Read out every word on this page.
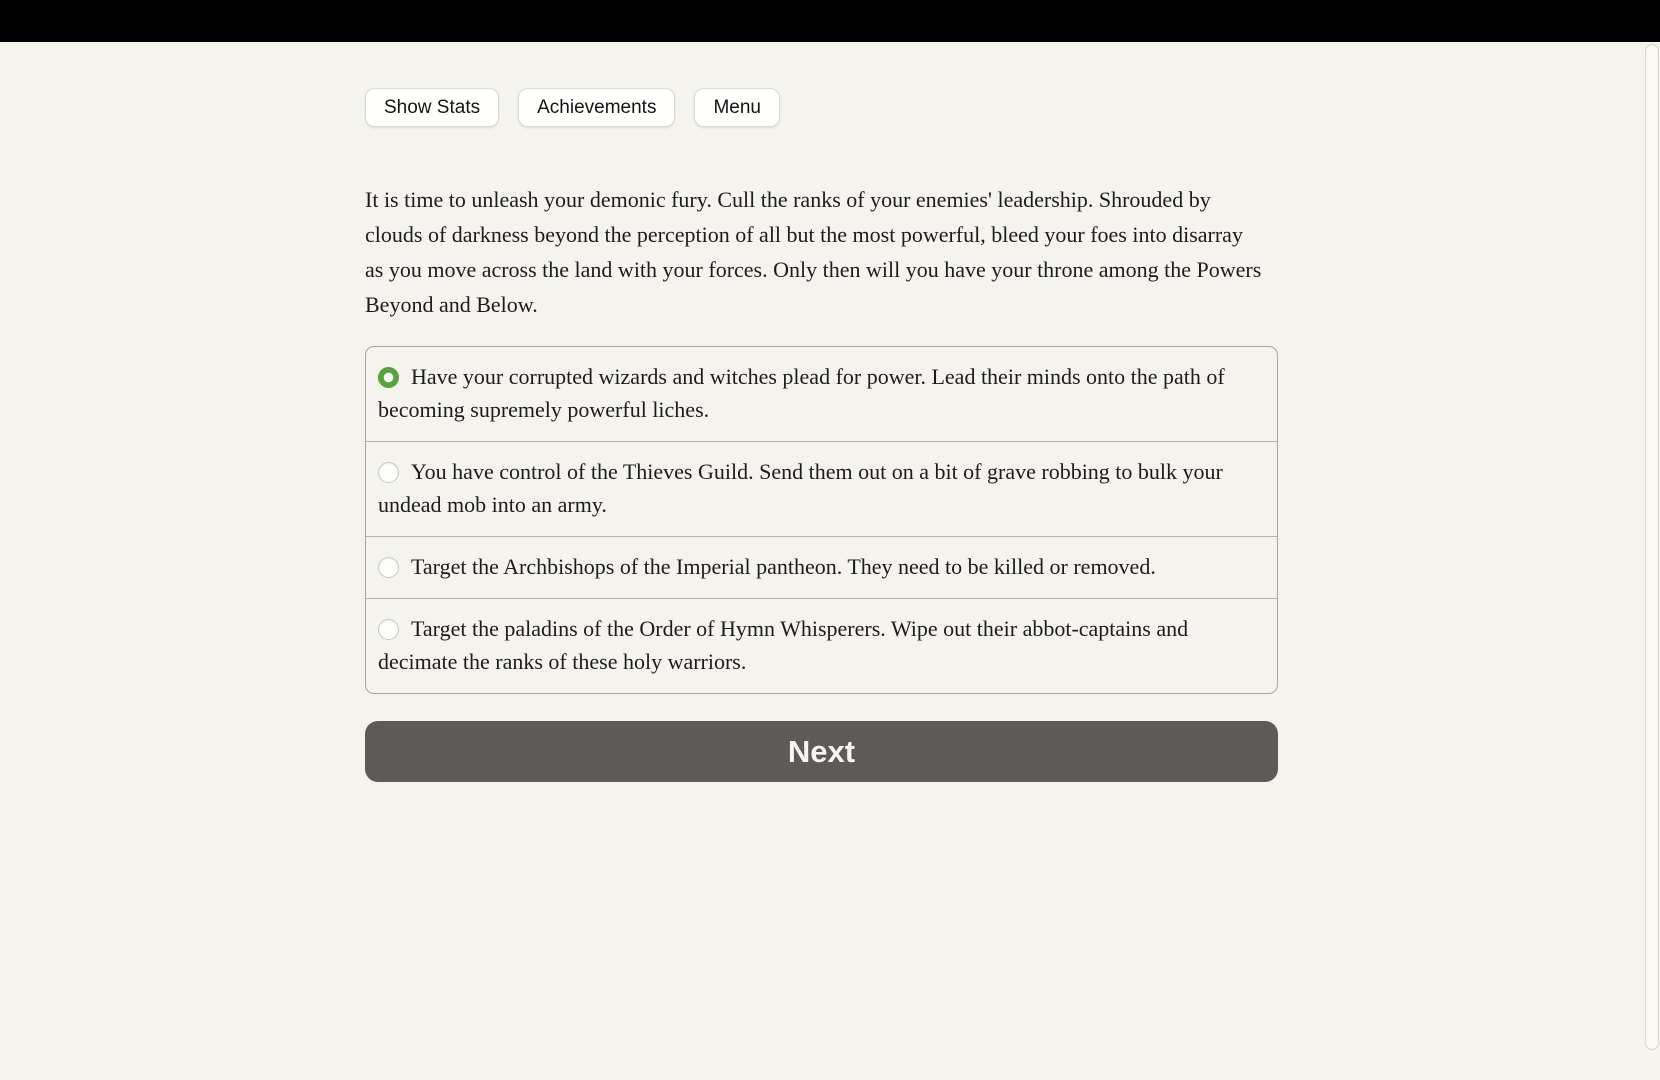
Show Stats	Achievements	Menu
It is time to unleash your demonic fury. Cull the ranks of your enemies' leadership. Shrouded by clouds of darkness beyond the perception of all but the most powerful, bleed your foes into disarray as you move across the land with your forces. Only then will you have your throne among the Powers Beyond and Below.
Have your corrupted wizards and witches plead for power. Lead their minds onto the path of becoming supremely powerful liches.
You have control of the Thieves Guild. Send them out on a bit of grave robbing to bulk your undead mob into an army.
Target the Archbishops of the Imperial pantheon. They need to be killed or removed.
Target the paladins of the Order of Hymn Whisperers. Wipe out their abbot-captains and decimate the ranks of these holy warriors.
Next
